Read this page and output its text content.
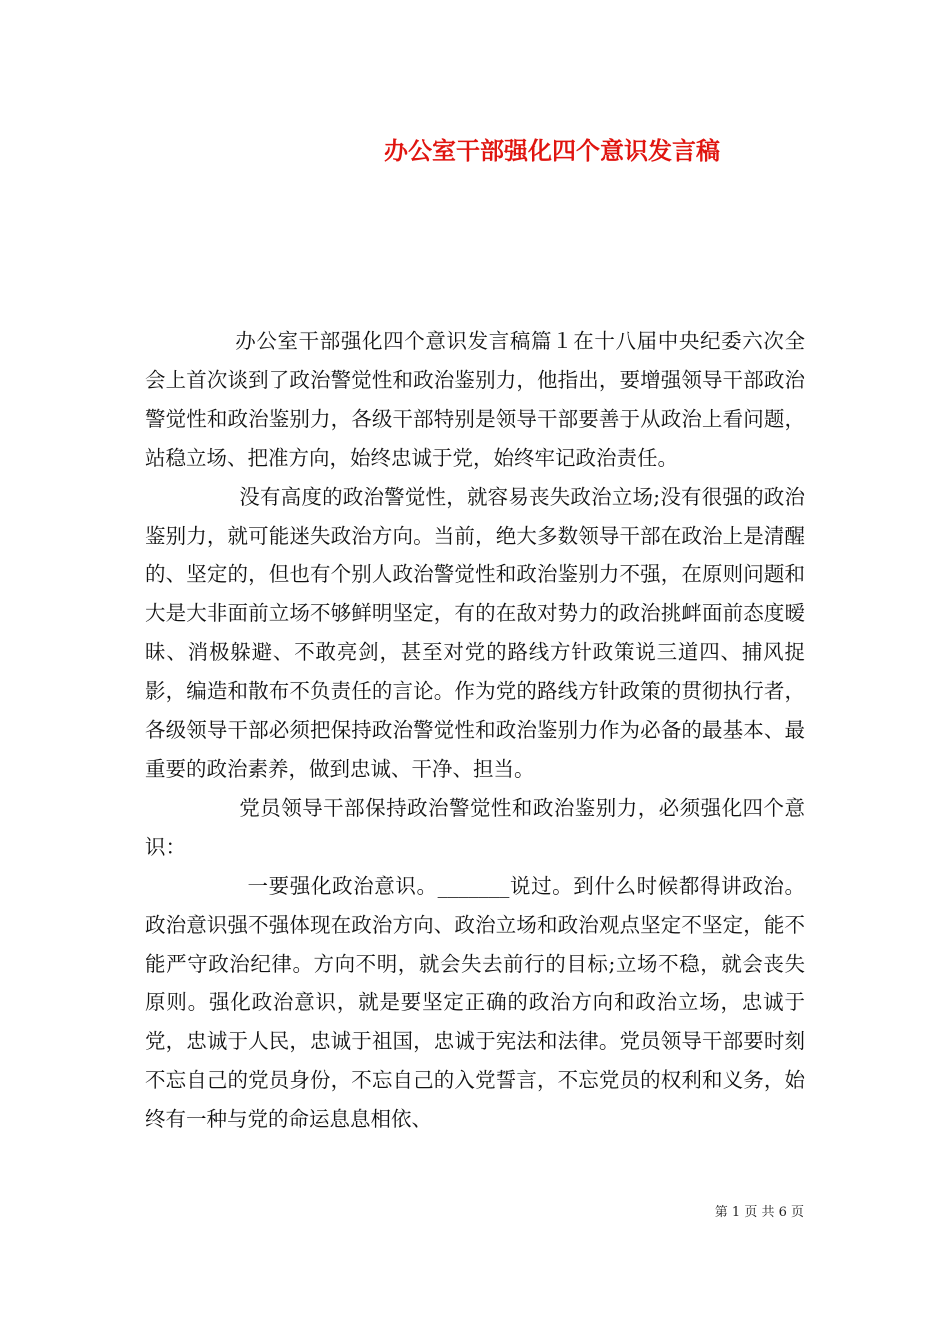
办公室干部强化四个意识发言稿

办公室干部强化四个意识发言稿篇１在十八届中央纪委六次全会上首次谈到了政治警觉性和政治鉴别力，他指出，要增强领导干部政治警觉性和政治鉴别力，各级干部特别是领导干部要善于从政治上看问题，站稳立场、把准方向，始终忠诚于党，始终牢记政治责任。

没有高度的政治警觉性，就容易丧失政治立场;没有很强的政治鉴别力，就可能迷失政治方向。当前，绝大多数领导干部在政治上是清醒的、坚定的，但也有个别人政治警觉性和政治鉴别力不强，在原则问题和大是大非面前立场不够鲜明坚定，有的在敌对势力的政治挑衅面前态度暧昧、消极躲避、不敢亮剑，甚至对党的路线方针政策说三道四、捕风捉影，编造和散布不负责任的言论。作为党的路线方针政策的贯彻执行者，各级领导干部必须把保持政治警觉性和政治鉴别力作为必备的最基本、最重要的政治素养，做到忠诚、干净、担当。

党员领导干部保持政治警觉性和政治鉴别力，必须强化四个意识：

一要强化政治意识。_______说过。到什么时候都得讲政治。政治意识强不强体现在政治方向、政治立场和政治观点坚定不坚定，能不能严守政治纪律。方向不明，就会失去前行的目标;立场不稳，就会丧失原则。强化政治意识，就是要坚定正确的政治方向和政治立场，忠诚于党，忠诚于人民，忠诚于祖国，忠诚于宪法和法律。党员领导干部要时刻不忘自己的党员身份，不忘自己的入党誓言，不忘党员的权利和义务，始终有一种与党的命运息息相依、

第 1 页 共 6 页
